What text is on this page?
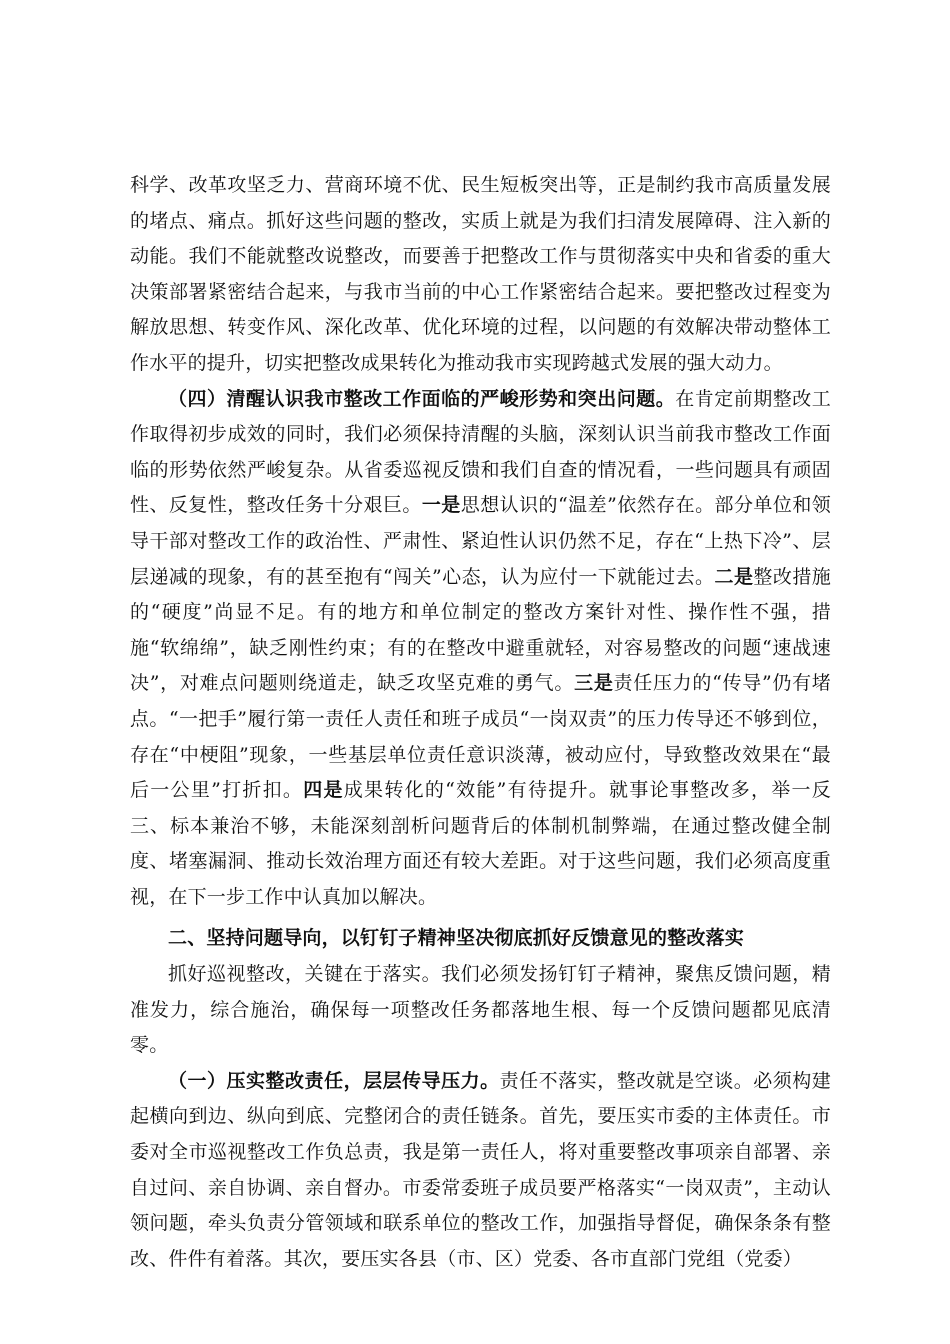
科学、改革攻坚乏力、营商环境不优、民生短板突出等，正是制约我市高质量发展的堵点、痛点。抓好这些问题的整改，实质上就是为我们扫清发展障碍、注入新的动能。我们不能就整改说整改，而要善于把整改工作与贯彻落实中央和省委的重大决策部署紧密结合起来，与我市当前的中心工作紧密结合起来。要把整改过程变为解放思想、转变作风、深化改革、优化环境的过程，以问题的有效解决带动整体工作水平的提升，切实把整改成果转化为推动我市实现跨越式发展的强大动力。

（四）清醒认识我市整改工作面临的严峻形势和突出问题。在肯定前期整改工作取得初步成效的同时，我们必须保持清醒的头脑，深刻认识当前我市整改工作面临的形势依然严峻复杂。从省委巡视反馈和我们自查的情况看，一些问题具有顽固性、反复性，整改任务十分艰巨。一是思想认识的“温差”依然存在。部分单位和领导干部对整改工作的政治性、严肃性、紧迫性认识仍然不足，存在“上热下冷”、层层递减的现象，有的甚至抱有“闯关”心态，认为应付一下就能过去。二是整改措施的“硬度”尚显不足。有的地方和单位制定的整改方案针对性、操作性不强，措施“软绵绵”，缺乏刚性约束；有的在整改中避重就轻，对容易整改的问题“速战速决”，对难点问题则绕道走，缺乏攻坚克难的勇气。三是责任压力的“传导”仍有堵点。“一把手”履行第一责任人责任和班子成员“一岗双责”的压力传导还不够到位，存在“中梗阻”现象，一些基层单位责任意识淡薄，被动应付，导致整改效果在“最后一公里”打折扣。四是成果转化的“效能”有待提升。就事论事整改多，举一反三、标本兼治不够，未能深刻剖析问题背后的体制机制弊端，在通过整改健全制度、堵塞漏洞、推动长效治理方面还有较大差距。对于这些问题，我们必须高度重视，在下一步工作中认真加以解决。

二、坚持问题导向，以钉钉子精神坚决彻底抓好反馈意见的整改落实

抓好巡视整改，关键在于落实。我们必须发扬钉钉子精神，聚焦反馈问题，精准发力，综合施治，确保每一项整改任务都落地生根、每一个反馈问题都见底清零。

（一）压实整改责任，层层传导压力。责任不落实，整改就是空谈。必须构建起横向到边、纵向到底、完整闭合的责任链条。首先，要压实市委的主体责任。市委对全市巡视整改工作负总责，我是第一责任人，将对重要整改事项亲自部署、亲自过问、亲自协调、亲自督办。市委常委班子成员要严格落实“一岗双责”，主动认领问题，牵头负责分管领域和联系单位的整改工作，加强指导督促，确保条条有整改、件件有着落。其次，要压实各县（市、区）党委、各市直部门党组（党委）
